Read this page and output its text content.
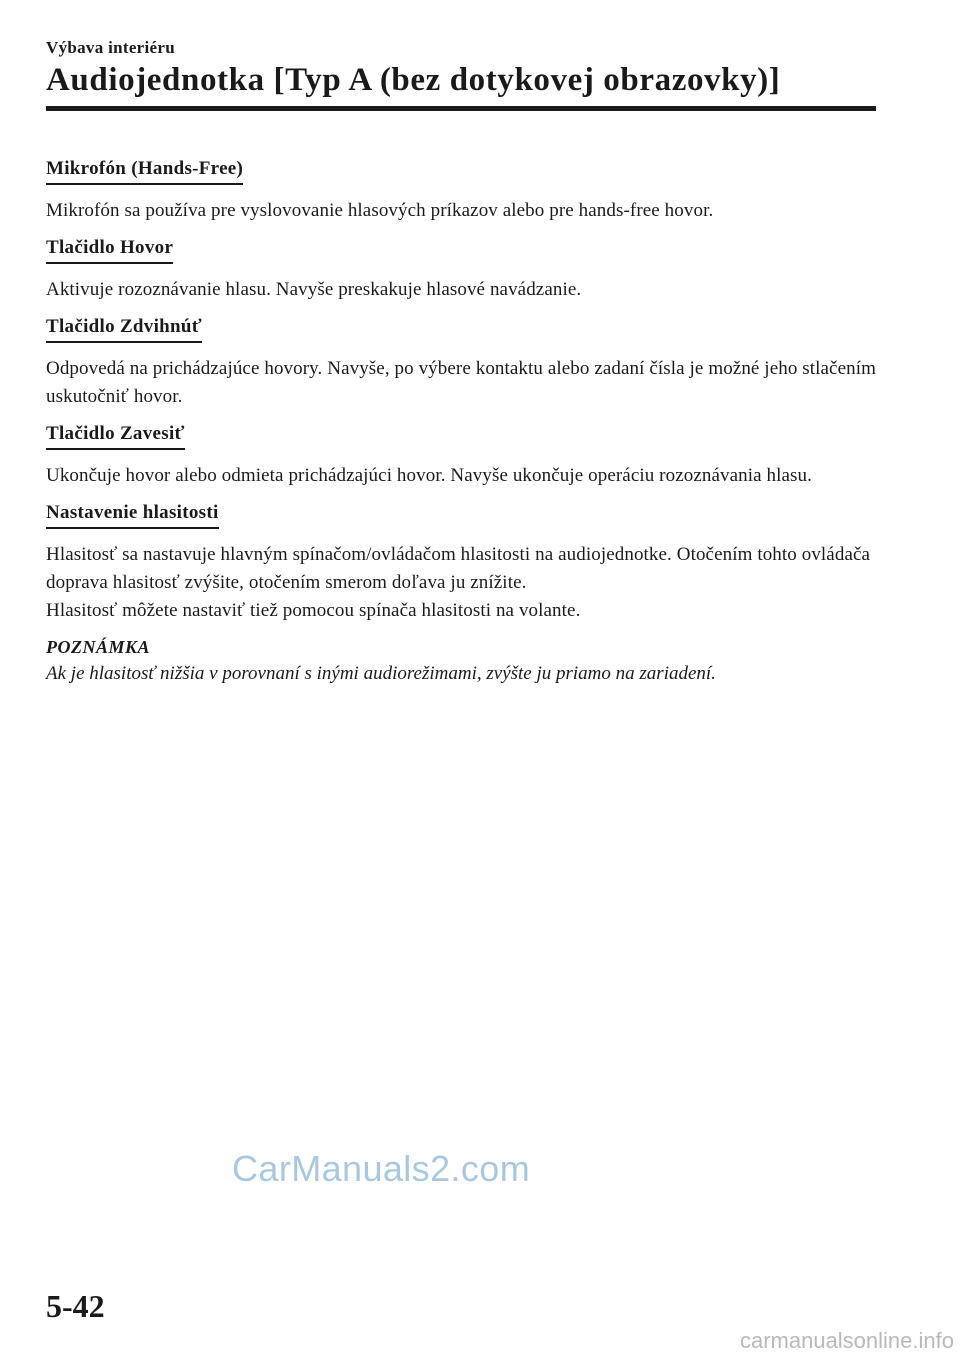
Výbava interiéru
Audiojednotka [Typ A (bez dotykovej obrazovky)]
Mikrofón (Hands-Free)

Mikrofón sa používa pre vyslovovanie hlasových príkazov alebo pre hands-free hovor.

Tlačidlo Hovor

Aktivuje rozoznávanie hlasu. Navyše preskakuje hlasové navádzanie.

Tlačidlo Zdvihnúť

Odpovedá na prichádzajúce hovory. Navyše, po výbere kontaktu alebo zadaní čísla je možné jeho stlačením uskutočniť hovor.

Tlačidlo Zavesiť

Ukončuje hovor alebo odmieta prichádzajúci hovor. Navyše ukončuje operáciu rozoznávania hlasu.

Nastavenie hlasitosti

Hlasitosť sa nastavuje hlavným spínačom/ovládačom hlasitosti na audiojednotke. Otočením tohto ovládača doprava hlasitosť zvýšite, otočením smerom doľava ju znížite.

Hlasitosť môžete nastaviť tiež pomocou spínača hlasitosti na volante.

POZNÁMKA

Ak je hlasitosť nižšia v porovnaní s inými audiorežimami, zvýšte ju priamo na zariadení.

CarManuals2.com
5-42
carmanualsonline.info
